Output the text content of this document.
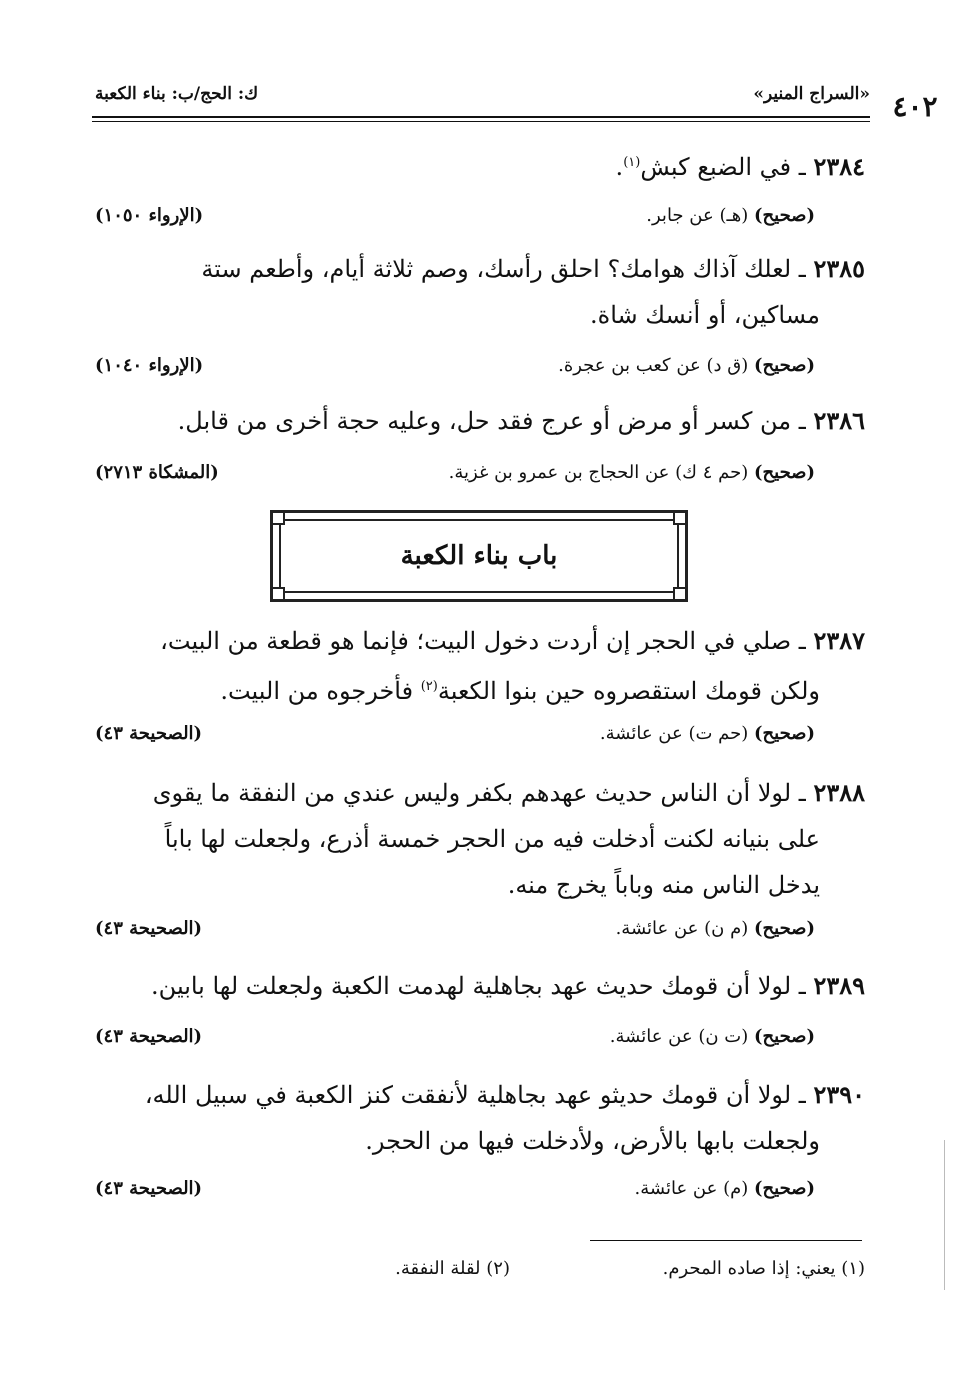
٤٠٢
«السراج المنير»
ك: الحج/ب: بناء الكعبة
٢٣٨٤ ـ في الضبع كبش$^{(١)}$.
(صحيح) (هـ) عن جابر.
(الإرواء ١٠٥٠)
٢٣٨٥ ـ لعلك آذاك هوامك؟ احلق رأسك، وصم ثلاثة أيام، وأطعم ستة
مساكين، أو أنسك شاة.
(صحيح) (ق د) عن كعب بن عجرة.
(الإرواء ١٠٤٠)
٢٣٨٦ ـ من كسر أو مرض أو عرج فقد حل، وعليه حجة أخرى من قابل.
(صحيح) (حم ٤ ك) عن الحجاج بن عمرو بن غزية.
(المشكاة ٢٧١٣)
باب بناء الكعبة
٢٣٨٧ ـ صلي في الحجر إن أردت دخول البيت؛ فإنما هو قطعة من البيت،
ولكن قومك استقصروه حين بنوا الكعبة$^{(٢)}$ فأخرجوه من البيت.
(صحيح) (حم ت) عن عائشة.
(الصحيحة ٤٣)
٢٣٨٨ ـ لولا أن الناس حديث عهدهم بكفر وليس عندي من النفقة ما يقوى
على بنيانه لكنت أدخلت فيه من الحجر خمسة أذرع، ولجعلت لها باباً
يدخل الناس منه وباباً يخرج منه.
(صحيح) (م ن) عن عائشة.
(الصحيحة ٤٣)
٢٣٨٩ ـ لولا أن قومك حديث عهد بجاهلية لهدمت الكعبة ولجعلت لها بابين.
(صحيح) (ت ن) عن عائشة.
(الصحيحة ٤٣)
٢٣٩٠ ـ لولا أن قومك حديثو عهد بجاهلية لأنفقت كنز الكعبة في سبيل الله،
ولجعلت بابها بالأرض، ولأدخلت فيها من الحجر.
(صحيح) (م) عن عائشة.
(الصحيحة ٤٣)
(١) يعني: إذا صاده المحرم.
(٢) لقلة النفقة.
